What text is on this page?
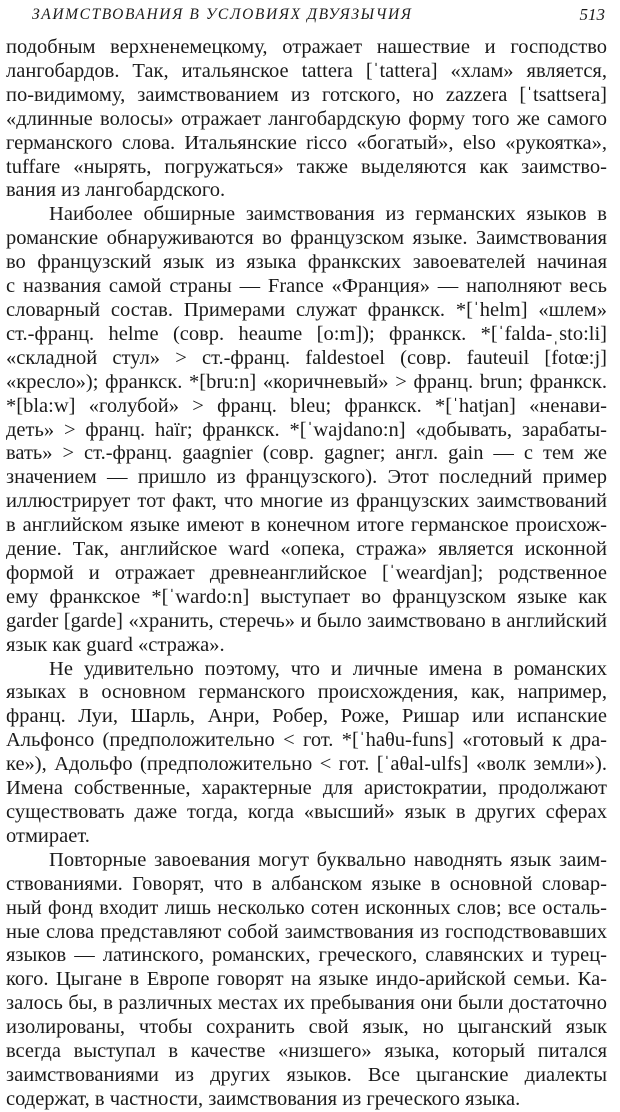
ЗАИМСТВОВАНИЯ В УСЛОВИЯХ ДВУЯЗЫЧИЯ	513
подобным верхненемецкому, отражает нашествие и господство
лангобардов. Так, итальянское tattera [ˈtattera] «хлам» является,
по-видимому, заимствованием из готского, но zazzera [ˈtsattsera]
«длинные волосы» отражает лангобардскую форму того же самого
германского слова. Итальянские ricco «богатый», elso «рукоятка»,
tuffare «нырять, погружаться» также выделяются как заимство-
вания из лангобардского.
Наиболее обширные заимствования из германских языков в
романские обнаруживаются во французском языке. Заимствования
во французский язык из языка франкских завоевателей начиная
с названия самой страны — France «Франция» — наполняют весь
словарный состав. Примерами служат франкск. *[ˈhelm] «шлем»
ст.-франц. helme (совр. heaume [o:m]); франкск. *[ˈfalda-ˌsto:li]
«складной стул» > ст.-франц. faldestoel (совр. fauteuil [fotœ:j]
«кресло»); франкск. *[bru:n] «коричневый» > франц. brun; франкск.
*[bla:w] «голубой» > франц. bleu; франкск. *[ˈhatjan] «ненави-
деть» > франц. haïr; франкск. *[ˈwajdano:n] «добывать, зарабаты-
вать» > ст.-франц. gaagnier (совр. gagner; англ. gain — с тем же
значением — пришло из французского). Этот последний пример
иллюстрирует тот факт, что многие из французских заимствований
в английском языке имеют в конечном итоге германское происхож-
дение. Так, английское ward «опека, стража» является исконной
формой и отражает древнеанглийское [ˈweardjan]; родственное
ему франкское *[ˈwardo:n] выступает во французском языке как
garder [garde] «хранить, стеречь» и было заимствовано в английский
язык как guard «стража».
Не удивительно поэтому, что и личные имена в романских
языках в основном германского происхождения, как, например,
франц. Луи, Шарль, Анри, Робер, Роже, Ришар или испанские
Альфонсо (предположительно < гот. *[ˈhaθu-funs] «готовый к дра-
ке»), Адольфо (предположительно < гот. [ˈaθal-ulfs] «волк земли»).
Имена собственные, характерные для аристократии, продолжают
существовать даже тогда, когда «высший» язык в других сферах
отмирает.
Повторные завоевания могут буквально наводнять язык заим-
ствованиями. Говорят, что в албанском языке в основной словар-
ный фонд входит лишь несколько сотен исконных слов; все осталь-
ные слова представляют собой заимствования из господствовавших
языков — латинского, романских, греческого, славянских и турец-
кого. Цыгане в Европе говорят на языке индо-арийской семьи. Ка-
залось бы, в различных местах их пребывания они были достаточно
изолированы, чтобы сохранить свой язык, но цыганский язык
всегда выступал в качестве «низшего» языка, который питался
заимствованиями из других языков. Все цыганские диалекты
содержат, в частности, заимствования из греческого языка.
